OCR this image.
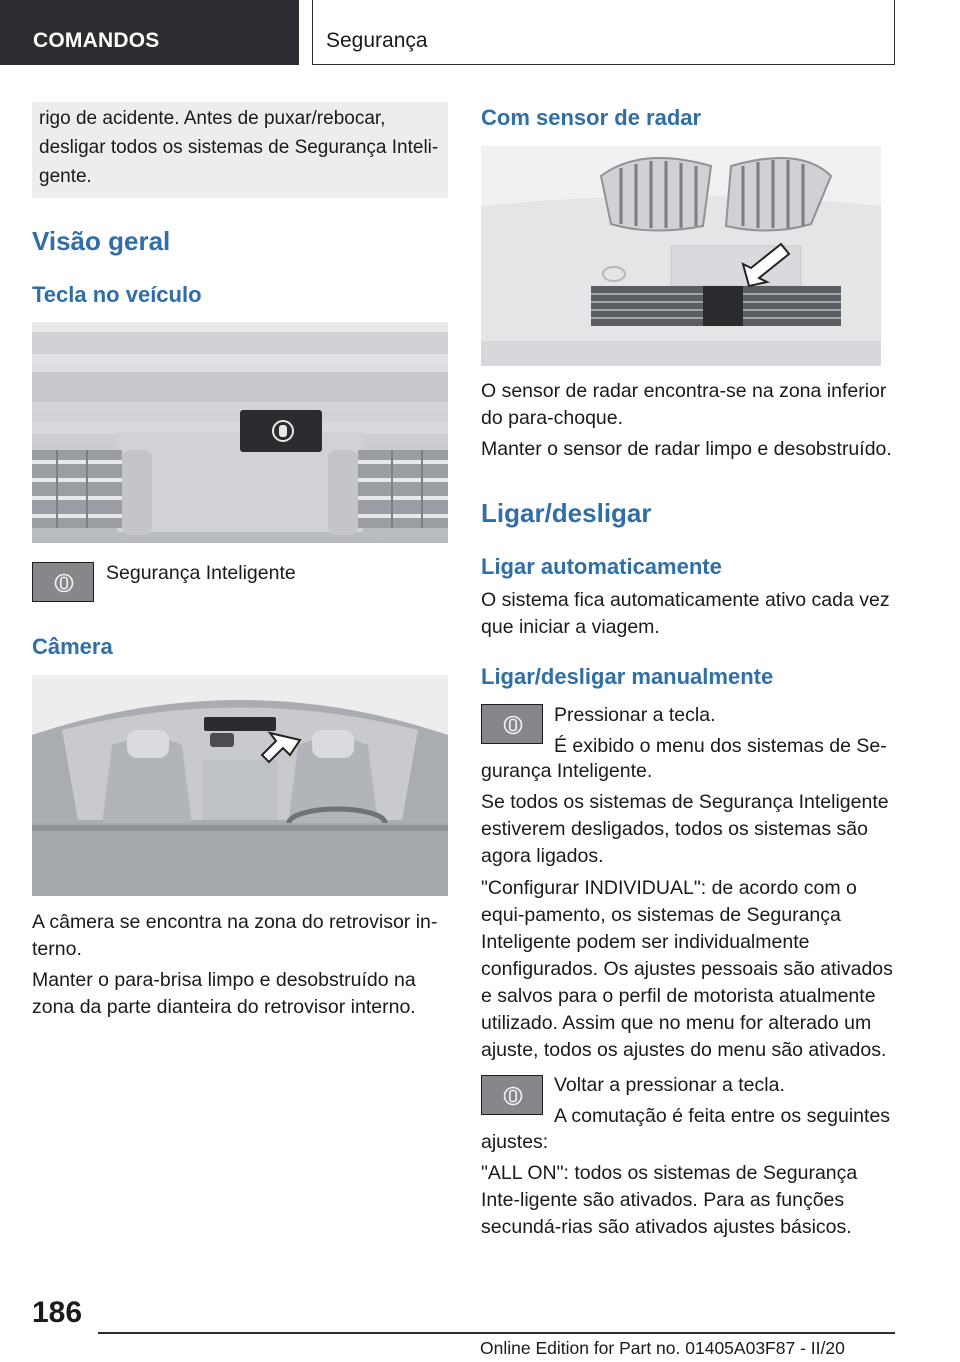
COMANDOS	Segurança
rigo de acidente. Antes de puxar/rebocar, desligar todos os sistemas de Segurança Inteli-gente.
Visão geral
Tecla no veículo

Segurança Inteligente

Câmera

A câmera se encontra na zona do retrovisor in-terno.

Manter o para-brisa limpo e desobstruído na zona da parte dianteira do retrovisor interno.

Com sensor de radar

O sensor de radar encontra-se na zona inferior do para-choque.

Manter o sensor de radar limpo e desobstruído.

Ligar/desligar
Ligar automaticamente

O sistema fica automaticamente ativo cada vez que iniciar a viagem.

Ligar/desligar manualmente

Pressionar a tecla.

É exibido o menu dos sistemas de Se-

gurança Inteligente.

Se todos os sistemas de Segurança Inteligente estiverem desligados, todos os sistemas são agora ligados.

"Configurar INDIVIDUAL": de acordo com o equi-pamento, os sistemas de Segurança Inteligente podem ser individualmente configurados. Os ajustes pessoais são ativados e salvos para o perfil de motorista atualmente utilizado. Assim que no menu for alterado um ajuste, todos os ajustes do menu são ativados.

Voltar a pressionar a tecla.

A comutação é feita entre os seguintes

ajustes:

"ALL ON": todos os sistemas de Segurança Inte-ligente são ativados. Para as funções secundá-rias são ativados ajustes básicos.

186
Online Edition for Part no. 01405A03F87 - II/20
